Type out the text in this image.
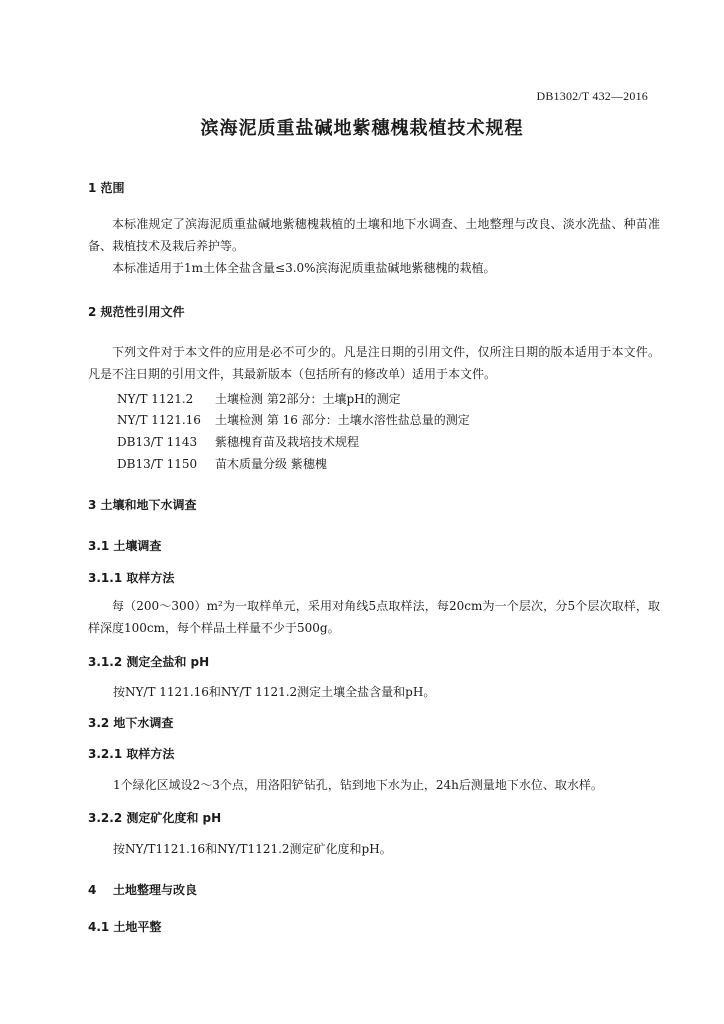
DB1302/T 432—2016
滨海泥质重盐碱地紫穗槐栽植技术规程
1 范围
本标准规定了滨海泥质重盐碱地紫穗槐栽植的土壤和地下水调查、土地整理与改良、淡水洗盐、种苗准备、栽植技术及栽后养护等。
本标准适用于1m土体全盐含量≤3.0%滨海泥质重盐碱地紫穗槐的栽植。
2 规范性引用文件
下列文件对于本文件的应用是必不可少的。凡是注日期的引用文件，仅所注日期的版本适用于本文件。凡是不注日期的引用文件，其最新版本（包括所有的修改单）适用于本文件。
NY/T 1121.2 土壤检测 第2部分：土壤pH的测定
NY/T 1121.16 土壤检测 第 16 部分：土壤水溶性盐总量的测定
DB13/T 1143 紫穗槐育苗及栽培技术规程
DB13/T 1150 苗木质量分级 紫穗槐
3 土壤和地下水调查
3.1 土壤调查
3.1.1 取样方法
每（200～300）m²为一取样单元，采用对角线5点取样法，每20cm为一个层次，分5个层次取样，取样深度100cm，每个样品土样量不少于500g。
3.1.2 测定全盐和 pH
按NY/T 1121.16和NY/T 1121.2测定土壤全盐含量和pH。
3.2 地下水调查
3.2.1 取样方法
1个绿化区域设2～3个点，用洛阳铲钻孔，钻到地下水为止，24h后测量地下水位、取水样。
3.2.2 测定矿化度和 pH
按NY/T1121.16和NY/T1121.2测定矿化度和pH。
4    土地整理与改良
4.1 土地平整
